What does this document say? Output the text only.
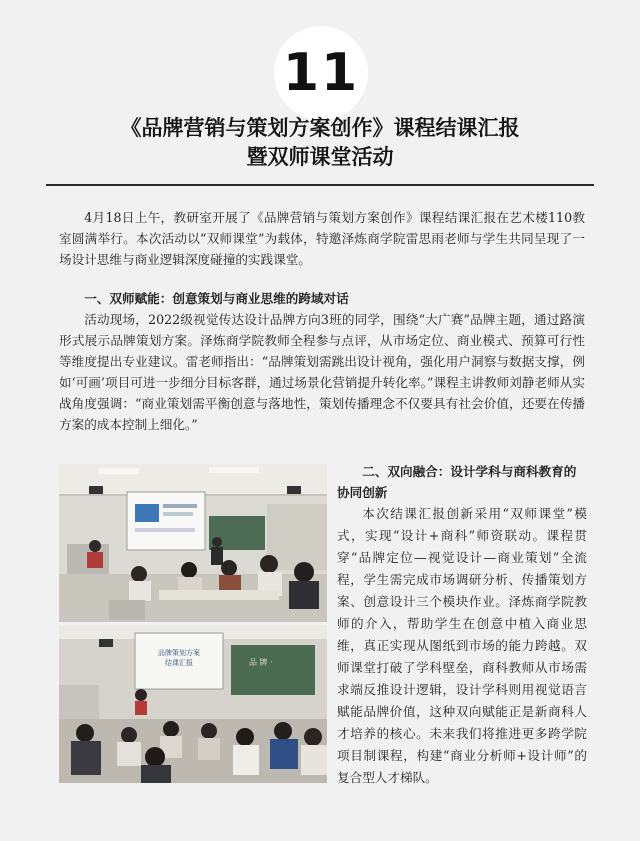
11
《品牌营销与策划方案创作》课程结课汇报
暨双师课堂活动

4月18日上午，教研室开展了《品牌营销与策划方案创作》课程结课汇报在艺术楼110教室圆满举行。本次活动以“双师课堂”为载体，特邀泽炼商学院雷思雨老师与学生共同呈现了一场设计思维与商业逻辑深度碰撞的实践课堂。

一、双师赋能：创意策划与商业思维的跨域对话

活动现场，2022级视觉传达设计品牌方向3班的同学，围绕“大广赛”品牌主题，通过路演形式展示品牌策划方案。泽炼商学院教师全程参与点评，从市场定位、商业模式、预算可行性等维度提出专业建议。雷老师指出：“品牌策划需跳出设计视角，强化用户洞察与数据支撑，例如‘可画’项目可进一步细分目标客群，通过场景化营销提升转化率。”课程主讲教师刘静老师从实战角度强调：“商业策划需平衡创意与落地性，策划传播理念不仅要具有社会价值，还要在传播方案的成本控制上细化。”

品牌策划方案
结课汇报	品 牌 ·

二、双向融合：设计学科与商科教育的协同创新

本次结课汇报创新采用“双师课堂”模式，实现“设计+商科”师资联动。课程贯穿“品牌定位—视觉设计—商业策划”全流程，学生需完成市场调研分析、传播策划方案、创意设计三个模块作业。泽炼商学院教师的介入，帮助学生在创意中植入商业思维，真正实现从图纸到市场的能力跨越。双师课堂打破了学科壁垒，商科教师从市场需求端反推设计逻辑，设计学科则用视觉语言赋能品牌价值，这种双向赋能正是新商科人才培养的核心。未来我们将推进更多跨学院项目制课程，构建“商业分析师+设计师”的复合型人才梯队。
